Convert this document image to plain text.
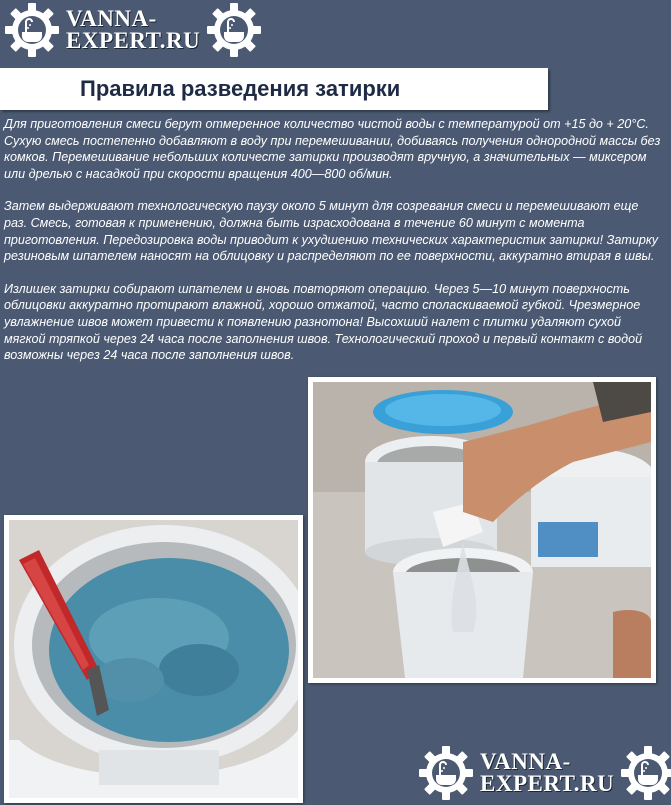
VANNA-
EXPERT.RU
Правила разведения затирки

Для приготовления смеси берут отмеренное количество чистой воды с температурой от +15 до + 20°C. Сухую смесь постепенно добавляют в воду при перемешивании, добиваясь получения однородной массы без комков. Перемешивание небольших количесте затирки производят вручную, а значительных — миксером или дрелью с насадкой при скорости вращения 400—800 об/мин.

Затем выдерживают технологическую паузу около 5 минут для созревания смеси и перемешивают еще раз. Смесь, готовая к применению, должна быть израсходована в течение 60 минут с момента приготовления. Передозировка воды приводит к ухудшению технических характеристик затирки! Затирку резиновым шпателем наносят на облицовку и распределяют по ее поверхности, аккуратно втирая в швы.

Излишек затирки собирают шпателем и вновь повторяют операцию. Через 5—10 минут поверхность облицовки аккуратно протирают влажной, хорошо отжатой, часто споласкиваемой губкой. Чрезмерное увлажнение швов может привести к появлению разнотона! Высохший налет с плитки удаляют сухой мягкой тряпкой через 24 часа после заполнения швов. Технологический проход и первый контакт с водой возможны через 24 часа после заполнения швов.

VANNA-
EXPERT.RU
